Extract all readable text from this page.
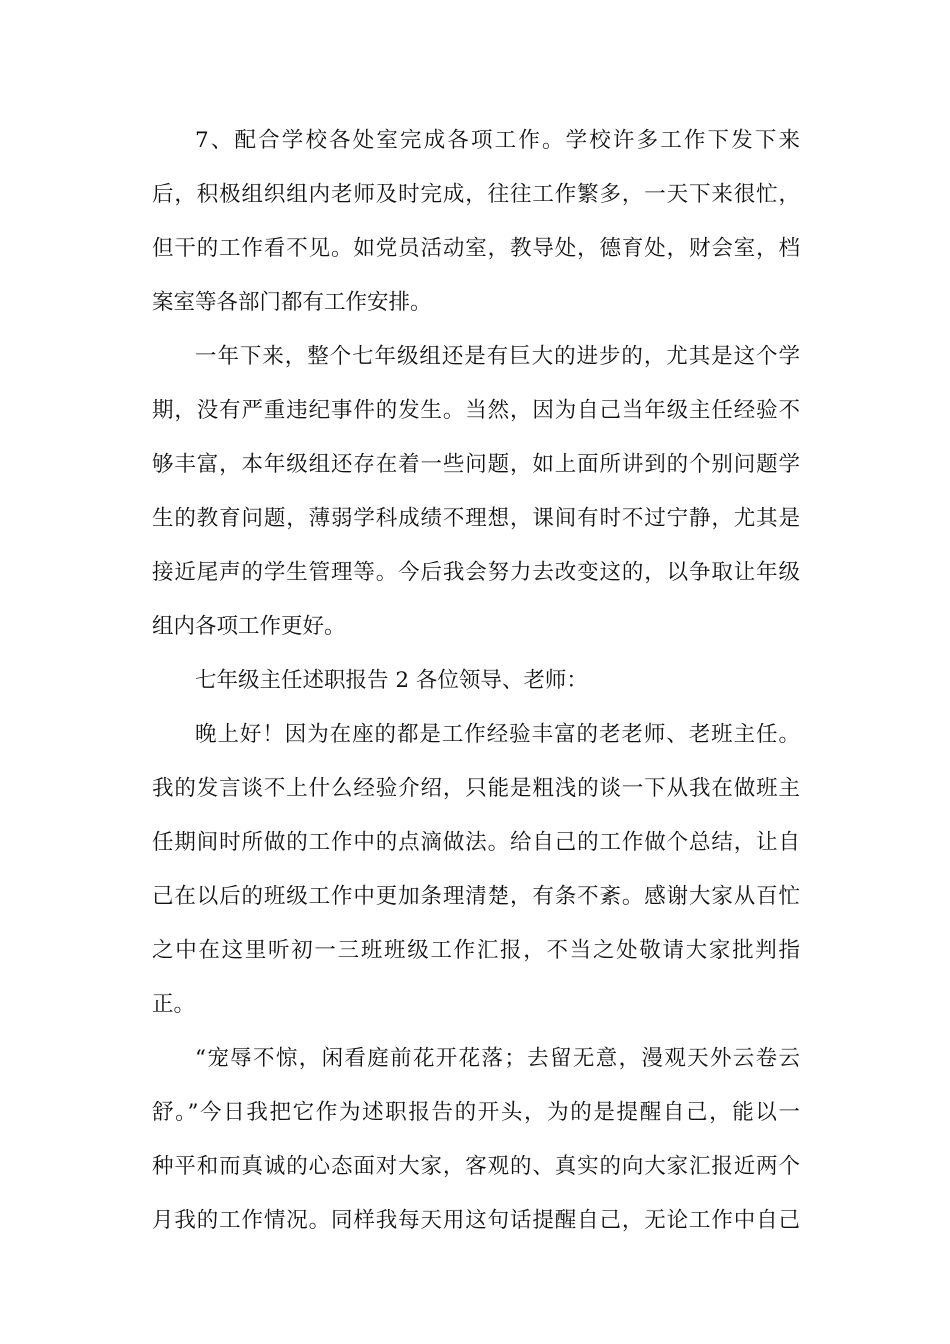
7、配合学校各处室完成各项工作。学校许多工作下发下来
后，积极组织组内老师及时完成，往往工作繁多，一天下来很忙，
但干的工作看不见。如党员活动室，教导处，德育处，财会室，档
案室等各部门都有工作安排。
一年下来，整个七年级组还是有巨大的进步的，尤其是这个学
期，没有严重违纪事件的发生。当然，因为自己当年级主任经验不
够丰富，本年级组还存在着一些问题，如上面所讲到的个别问题学
生的教育问题，薄弱学科成绩不理想，课间有时不过宁静，尤其是
接近尾声的学生管理等。今后我会努力去改变这的，以争取让年级
组内各项工作更好。
七年级主任述职报告 2 各位领导、老师：
晚上好！因为在座的都是工作经验丰富的老老师、老班主任。
我的发言谈不上什么经验介绍，只能是粗浅的谈一下从我在做班主
任期间时所做的工作中的点滴做法。给自己的工作做个总结，让自
己在以后的班级工作中更加条理清楚，有条不紊。感谢大家从百忙
之中在这里听初一三班班级工作汇报，不当之处敬请大家批判指
正。
“宠辱不惊，闲看庭前花开花落；去留无意，漫观天外云卷云
舒。”今日我把它作为述职报告的开头，为的是提醒自己，能以一
种平和而真诚的心态面对大家，客观的、真实的向大家汇报近两个
月我的工作情况。同样我每天用这句话提醒自己，无论工作中自己
